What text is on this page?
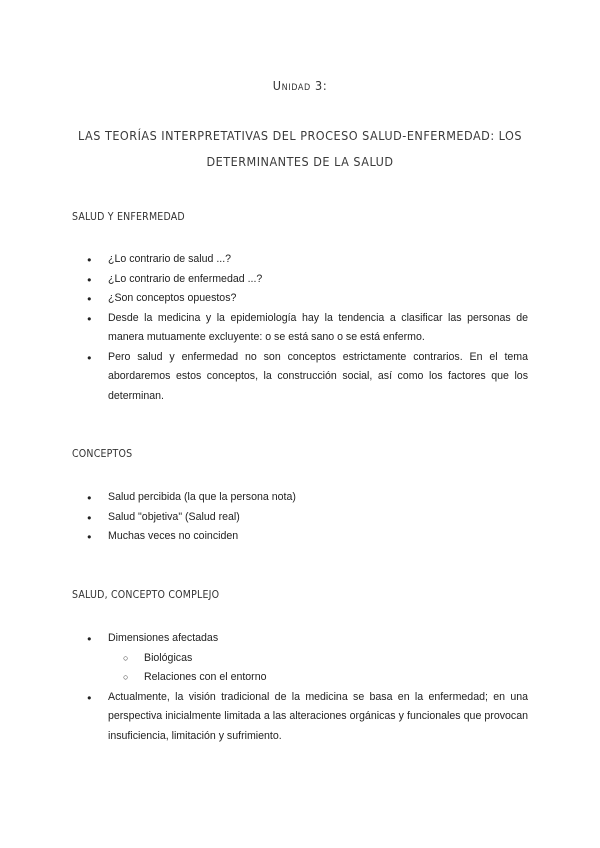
Unidad 3:
LAS TEORÍAS INTERPRETATIVAS DEL PROCESO SALUD-ENFERMEDAD: LOS DETERMINANTES DE LA SALUD
SALUD Y ENFERMEDAD
● ¿Lo contrario de salud ...?
● ¿Lo contrario de enfermedad ...?
● ¿Son conceptos opuestos?
● Desde la medicina y la epidemiología hay la tendencia a clasificar las personas de manera mutuamente excluyente: o se está sano o se está enfermo.
● Pero salud y enfermedad no son conceptos estrictamente contrarios. En el tema abordaremos estos conceptos, la construcción social, así como los factores que los determinan.
CONCEPTOS
● Salud percibida (la que la persona nota)
● Salud "objetiva" (Salud real)
● Muchas veces no coinciden
SALUD, CONCEPTO COMPLEJO
● Dimensiones afectadas
○ Biológicas
○ Relaciones con el entorno
● Actualmente, la visión tradicional de la medicina se basa en la enfermedad; en una perspectiva inicialmente limitada a las alteraciones orgánicas y funcionales que provocan insuficiencia, limitación y sufrimiento.
